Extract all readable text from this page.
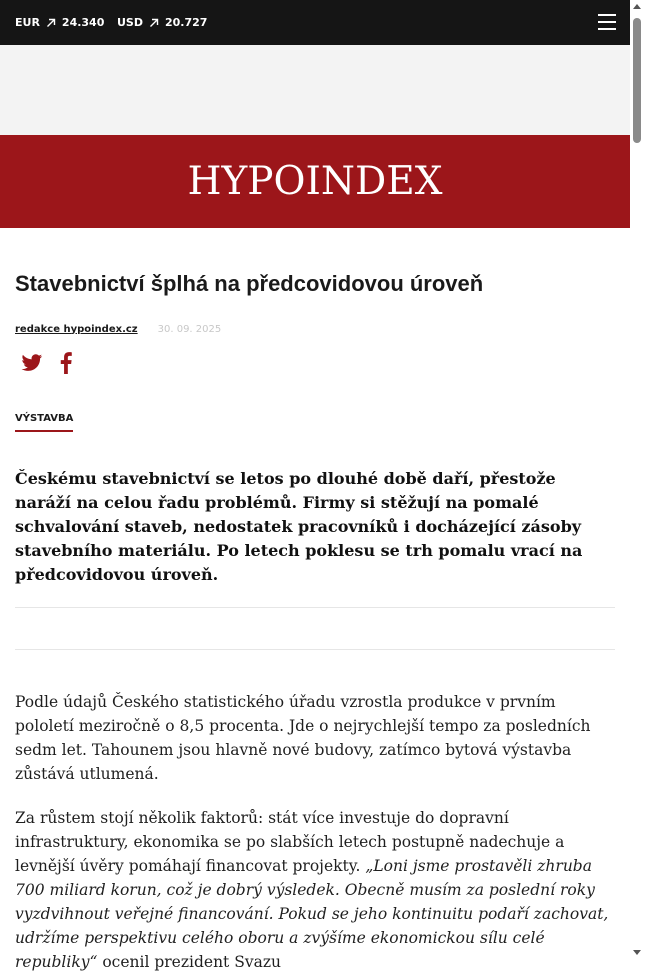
EUR 24.340 USD 20.727
HYPOINDEX
Stavebnictví šplhá na předcovidovou úroveň
redakce hypoindex.cz 30. 09. 2025
VÝSTAVBA

Českému stavebnictví se letos po dlouhé době daří, přestože naráží na celou řadu problémů. Firmy si stěžují na pomalé schvalování staveb, nedostatek pracovníků i docházející zásoby stavebního materiálu. Po letech poklesu se trh pomalu vrací na předcovidovou úroveň.

Podle údajů Českého statistického úřadu vzrostla produkce v prvním pololetí meziročně o 8,5 procenta. Jde o nejrychlejší tempo za posledních sedm let. Tahounem jsou hlavně nové budovy, zatímco bytová výstavba zůstává utlumená.

Za růstem stojí několik faktorů: stát více investuje do dopravní infrastruktury, ekonomika se po slabších letech postupně nadechuje a levnější úvěry pomáhají financovat projekty. „Loni jsme prostavěli zhruba 700 miliard korun, což je dobrý výsledek. Obecně musím za poslední roky vyzdvihnout veřejné financování. Pokud se jeho kontinuitu podaří zachovat, udržíme perspektivu celého oboru a zvýšíme ekonomickou sílu celé republiky“ ocenil prezident Svazu
